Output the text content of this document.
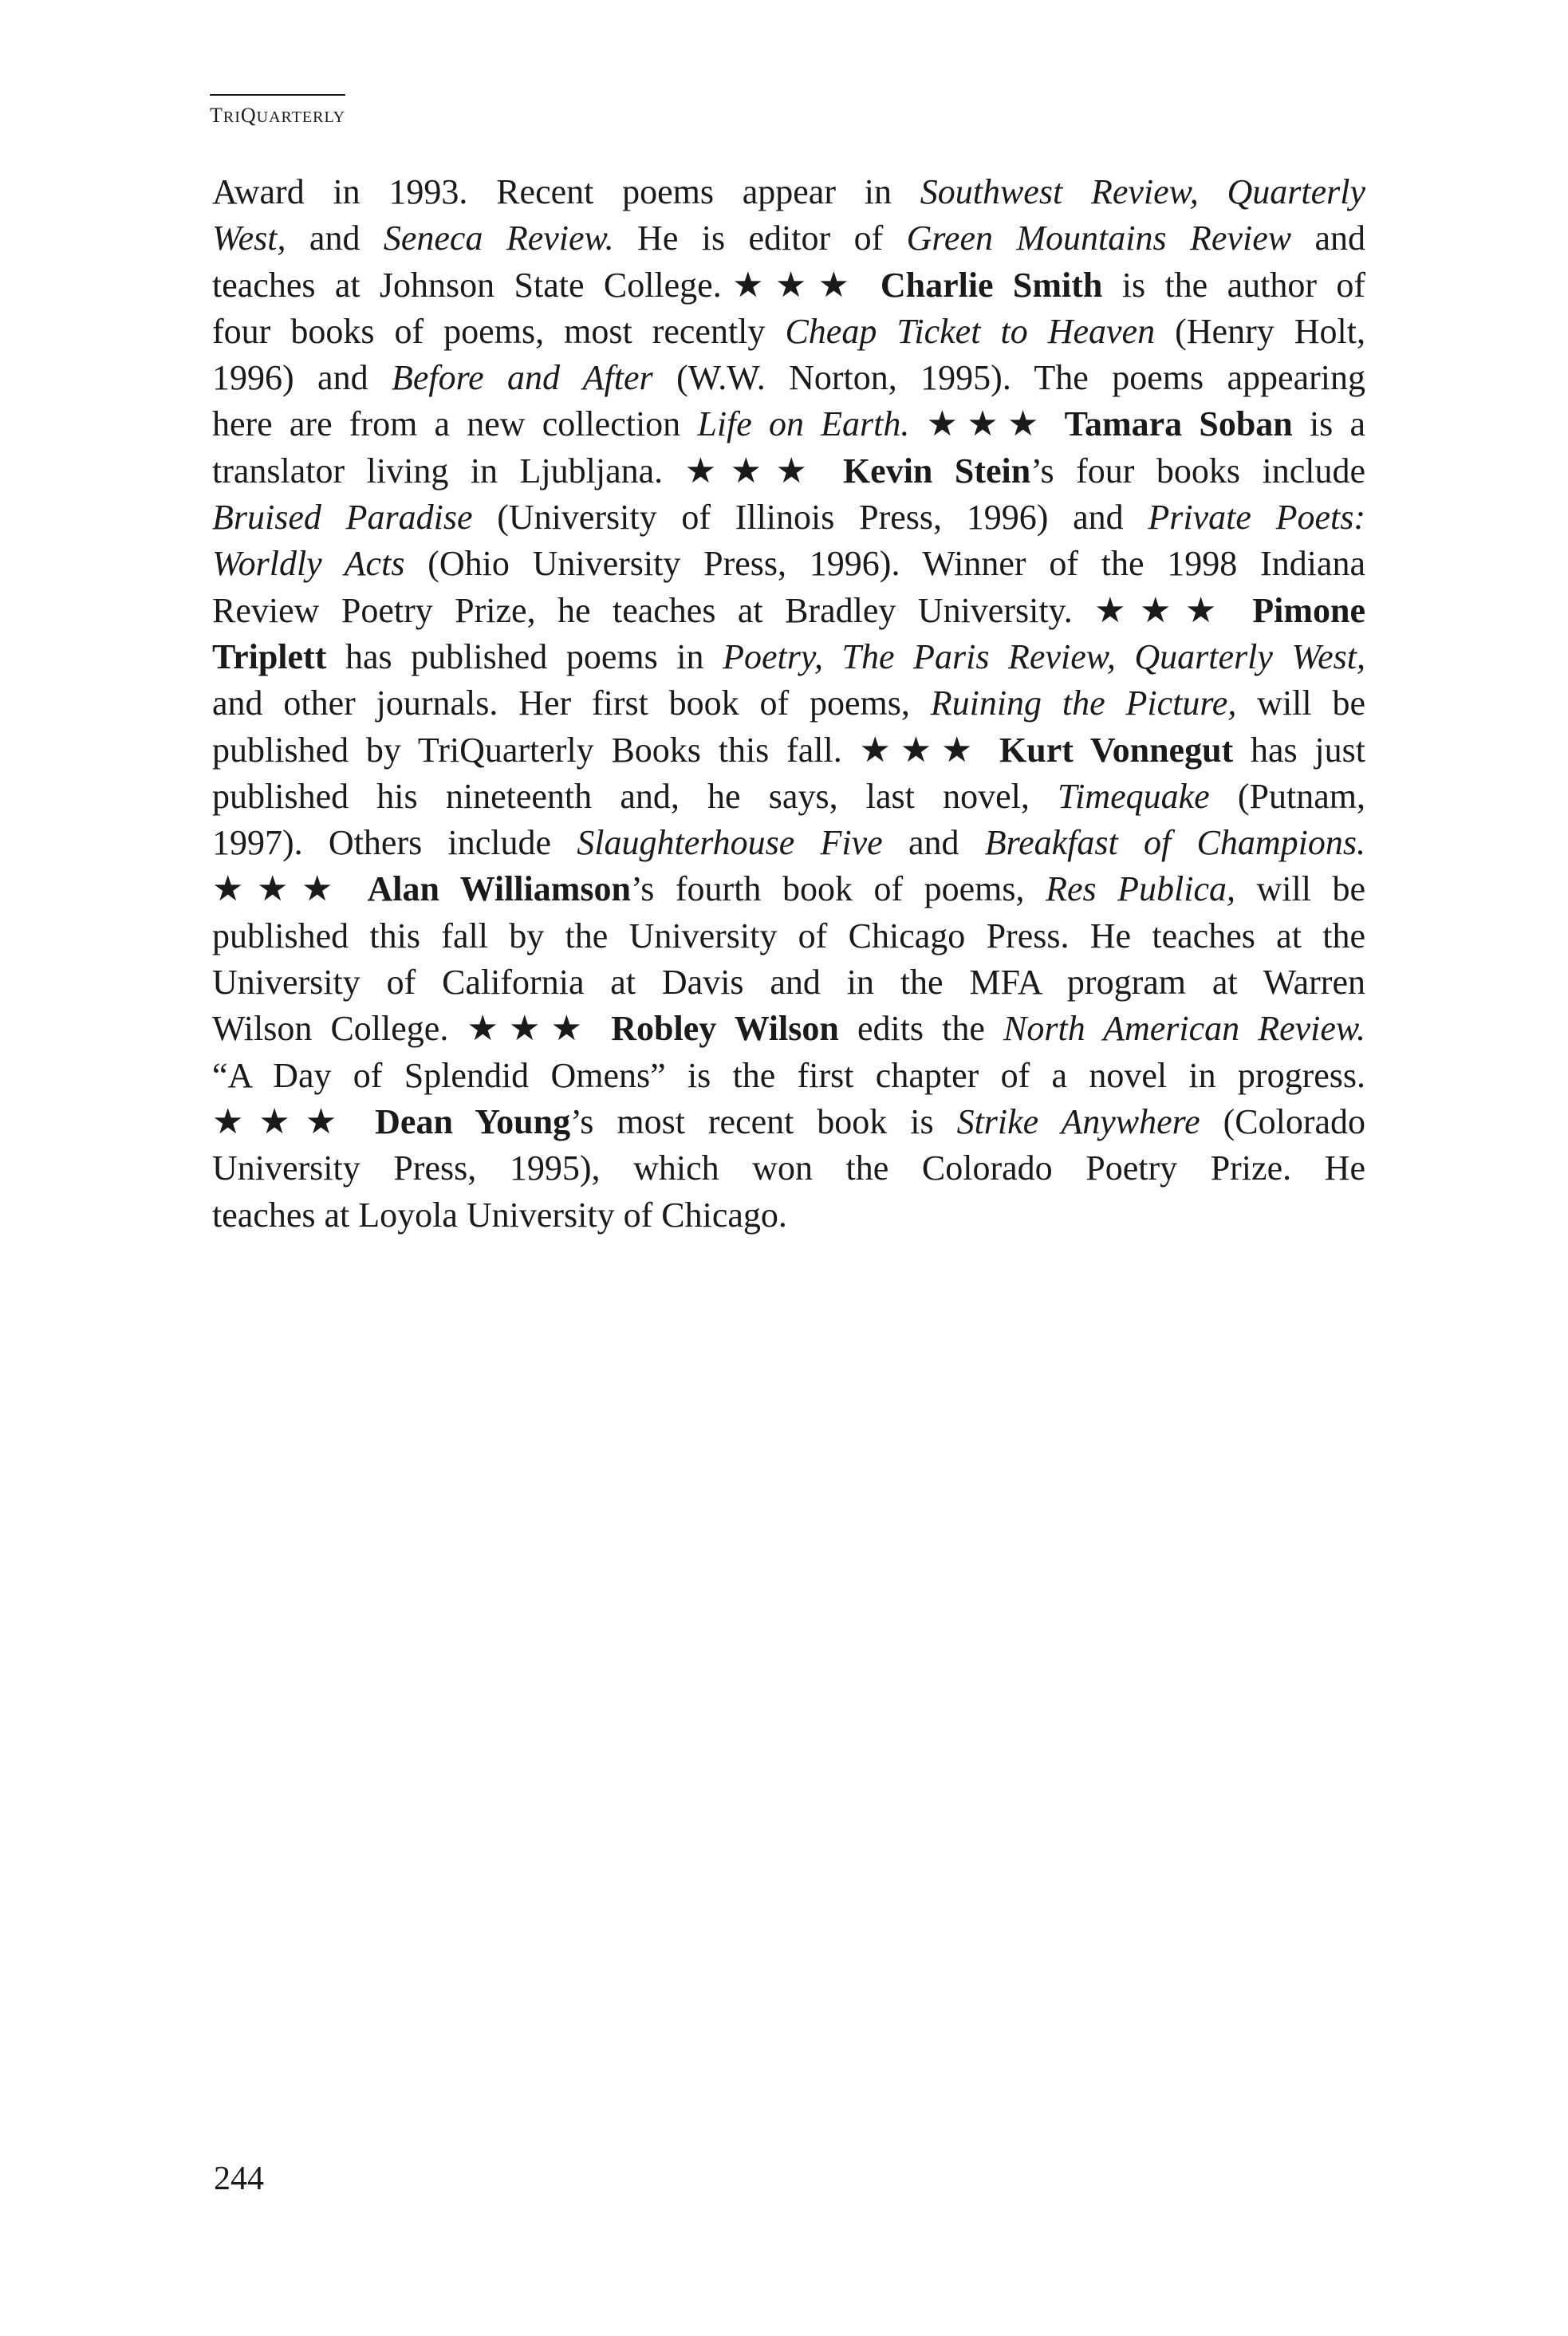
TRIQUARTERLY
Award in 1993. Recent poems appear in Southwest Review, Quarterly
West, and Seneca Review. He is editor of Green Mountains Review and
teaches at Johnson State College.★★★ Charlie Smith is the author of
four books of poems, most recently Cheap Ticket to Heaven (Henry Holt,
1996) and Before and After (W.W. Norton, 1995). The poems appearing
here are from a new collection Life on Earth. ★★★ Tamara Soban is a
translator living in Ljubljana. ★★★ Kevin Stein’s four books include
Bruised Paradise (University of Illinois Press, 1996) and Private Poets:
Worldly Acts (Ohio University Press, 1996). Winner of the 1998 Indiana
Review Poetry Prize, he teaches at Bradley University. ★★★ Pimone
Triplett has published poems in Poetry, The Paris Review, Quarterly West,
and other journals. Her first book of poems, Ruining the Picture, will be
published by TriQuarterly Books this fall. ★★★ Kurt Vonnegut has just
published his nineteenth and, he says, last novel, Timequake (Putnam,
1997). Others include Slaughterhouse Five and Breakfast of Champions.
★★★ Alan Williamson’s fourth book of poems, Res Publica, will be
published this fall by the University of Chicago Press. He teaches at the
University of California at Davis and in the MFA program at Warren
Wilson College. ★★★ Robley Wilson edits the North American Review.
“A Day of Splendid Omens” is the first chapter of a novel in progress.
★★★ Dean Young’s most recent book is Strike Anywhere (Colorado
University Press, 1995), which won the Colorado Poetry Prize. He
teaches at Loyola University of Chicago.
244
